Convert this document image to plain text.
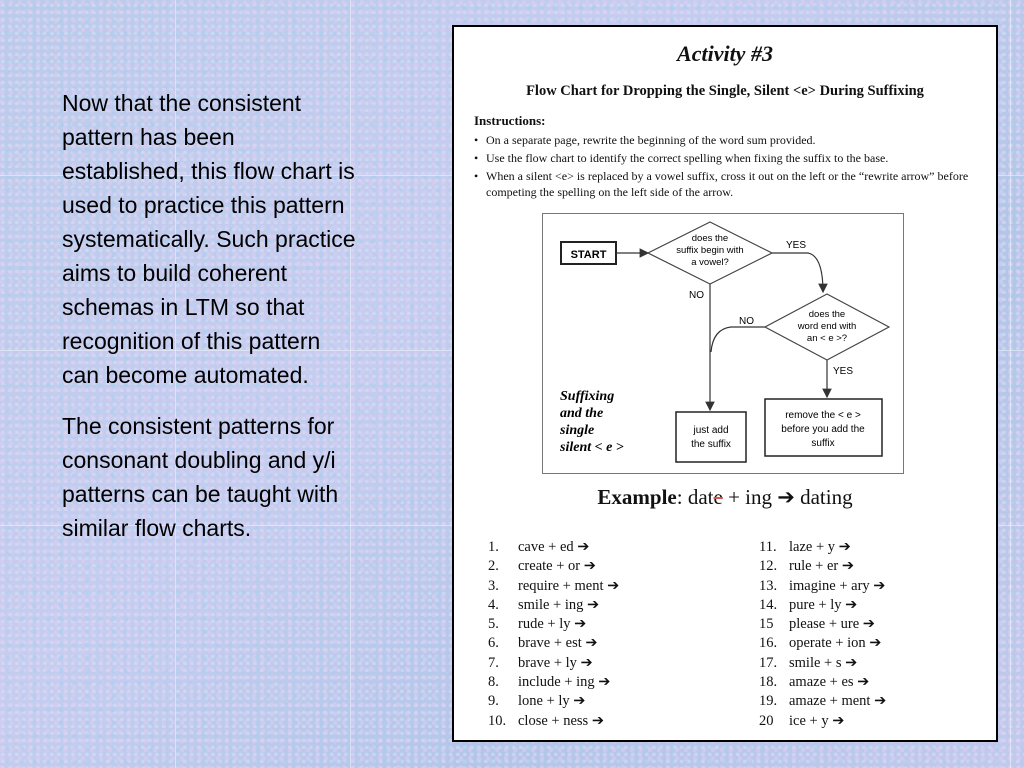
Now that the consistent
pattern has been
established, this flow chart is
used to practice this pattern
systematically. Such practice
aims to build coherent
schemas in LTM so that
recognition of this pattern
can become automated.

The consistent patterns for
consonant doubling and y/i
patterns can be taught with
similar flow charts.

Activity #3
Flow Chart for Dropping the Single, Silent <e> During Suffixing
Instructions:
• On a separate page, rewrite the beginning of the word sum provided.
• Use the flow chart to identify the correct spelling when fixing the suffix to the base.
• When a silent <e> is replaced by a vowel suffix, cross it out on the left or the “rewrite arrow” before competing the spelling on the left side of the arrow.
START
does the
suffix begin with
a vowel?
YES
NO
does the
word end with
an < e >?
NO
YES
just add
the suffix
remove the < e >
before you add the
suffix
Suffixing
and the
single
silent < e >
Example: date + ing ➔ dating
1.	cave + ed ➔
2.	create + or ➔
3.	require + ment ➔
4.	smile + ing ➔
5.	rude + ly ➔
6.	brave + est ➔
7.	brave + ly ➔
8.	include + ing ➔
9.	lone + ly ➔
10. close + ness ➔
11. laze + y ➔
12. rule + er ➔
13. imagine + ary ➔
14. pure + ly ➔
15	please + ure ➔
16. operate + ion ➔
17. smile + s ➔
18. amaze + es ➔
19. amaze + ment ➔
20	ice + y ➔
